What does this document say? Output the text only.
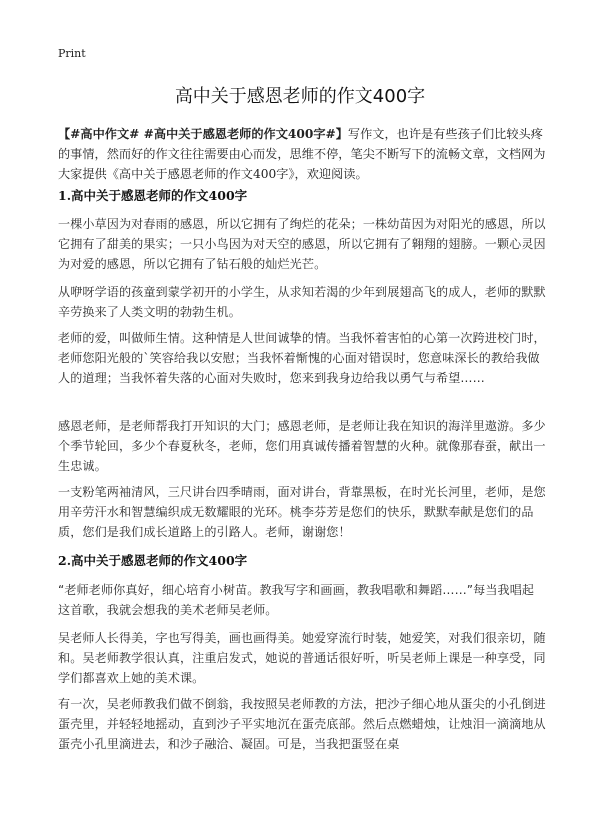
Print
高中关于感恩老师的作文400字
【#高中作文# #高中关于感恩老师的作文400字#】写作文，也许是有些孩子们比较头疼的事情，然而好的作文往往需要由心而发，思维不停，笔尖不断写下的流畅文章，文档网为大家提供《高中关于感恩老师的作文400字》，欢迎阅读。
1.高中关于感恩老师的作文400字
一棵小草因为对春雨的感恩，所以它拥有了绚烂的花朵；一株幼苗因为对阳光的感恩，所以它拥有了甜美的果实；一只小鸟因为对天空的感恩，所以它拥有了翱翔的翅膀。一颗心灵因为对爱的感恩，所以它拥有了钻石般的灿烂光芒。
从咿呀学语的孩童到蒙学初开的小学生，从求知若渴的少年到展翅高飞的成人，老师的默默辛劳换来了人类文明的勃勃生机。
老师的爱，叫做师生情。这种情是人世间诚挚的情。当我怀着害怕的心第一次跨进校门时，老师您阳光般的`笑容给我以安慰；当我怀着惭愧的心面对错误时，您意味深长的教给我做人的道理；当我怀着失落的心面对失败时，您来到我身边给我以勇气与希望……
感恩老师，是老师帮我打开知识的大门；感恩老师，是老师让我在知识的海洋里遨游。多少个季节轮回，多少个春夏秋冬，老师，您们用真诚传播着智慧的火种。就像那春蚕，献出一生忠诚。
一支粉笔两袖清风，三尺讲台四季晴雨，面对讲台，背靠黑板，在时光长河里，老师，是您用辛劳汗水和智慧编织成无数耀眼的光环。桃李芬芳是您们的快乐，默默奉献是您们的品质，您们是我们成长道路上的引路人。老师，谢谢您！
2.高中关于感恩老师的作文400字
“老师老师你真好，细心培育小树苗。教我写字和画画，教我唱歌和舞蹈……”每当我唱起这首歌，我就会想我的美术老师吴老师。
吴老师人长得美，字也写得美，画也画得美。她爱穿流行时装，她爱笑，对我们很亲切，随和。吴老师教学很认真，注重启发式，她说的普通话很好听，听吴老师上课是一种享受，同学们都喜欢上她的美术课。
有一次，吴老师教我们做不倒翁，我按照吴老师教的方法，把沙子细心地从蛋尖的小孔倒进蛋壳里，并轻轻地摇动，直到沙子平实地沉在蛋壳底部。然后点燃蜡烛，让烛泪一滴滴地从蛋壳小孔里滴进去，和沙子融洽、凝固。可是，当我把蛋竖在桌
